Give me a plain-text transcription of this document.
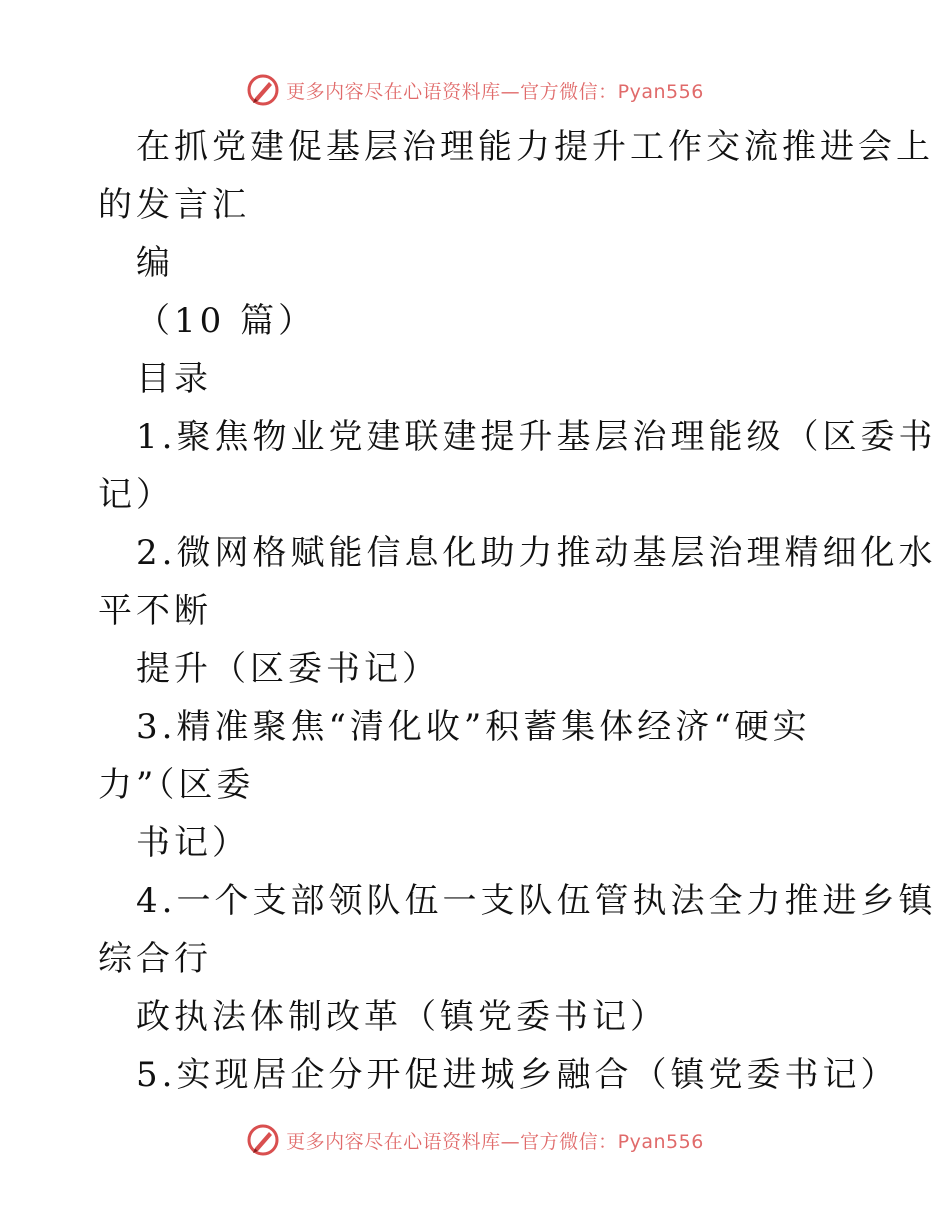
更多内容尽在心语资料库—官方微信：Pyan556
在抓党建促基层治理能力提升工作交流推进会上
的发言汇
编
（10 篇）
目录
1.聚焦物业党建联建提升基层治理能级（区委书
记）
2.微网格赋能信息化助力推动基层治理精细化水
平不断
提升（区委书记）
3.精准聚焦“清化收”积蓄集体经济“硬实
力”（区委
书记）
4.一个支部领队伍一支队伍管执法全力推进乡镇
综合行
政执法体制改革（镇党委书记）
5.实现居企分开促进城乡融合（镇党委书记）
更多内容尽在心语资料库—官方微信：Pyan556
